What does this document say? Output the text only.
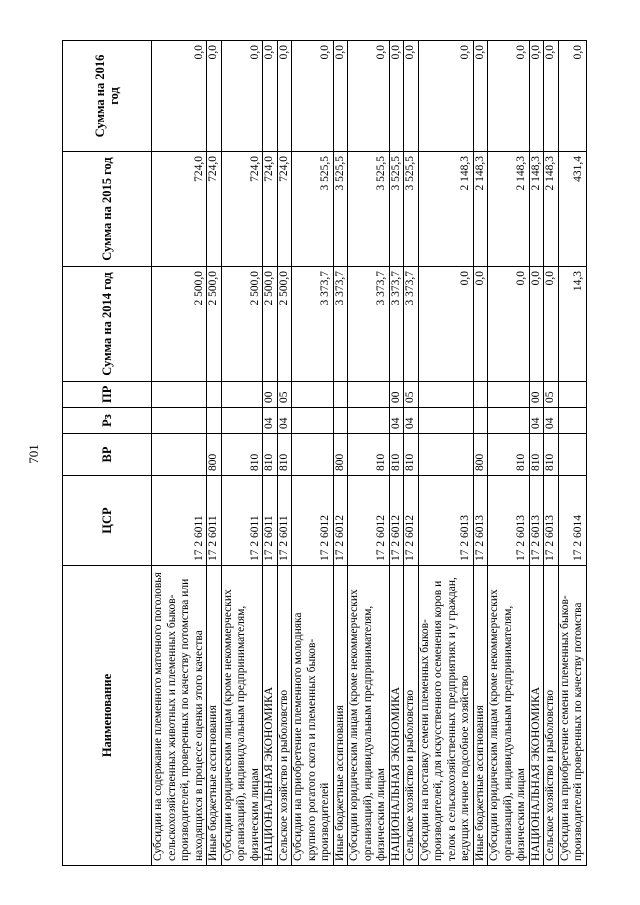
701
Наименование	ЦСР	ВР	Рз	ПР	Сумма на 2014 год	Сумма на 2015 год	Сумма на 2016 год
Субсидии на содержание племенного маточного поголовья сельскохозяйственных животных и племенных быков-производителей, проверенных по качеству потомства или находящихся в процессе оценки этого качества	17 2 6011				2 500,0	724,0	0,0
Иные бюджетные ассигнования	17 2 6011	800			2 500,0	724,0	0,0
Субсидии юридическим лицам (кроме некоммерческих организаций), индивидуальным предпринимателям, физическим лицам	17 2 6011	810			2 500,0	724,0	0,0
НАЦИОНАЛЬНАЯ ЭКОНОМИКА	17 2 6011	810	04	00	2 500,0	724,0	0,0
Сельское хозяйство и рыболовство	17 2 6011	810	04	05	2 500,0	724,0	0,0
Субсидии на приобретение племенного молодняка крупного рогатого скота и племенных быков-производителей	17 2 6012				3 373,7	3 525,5	0,0
Иные бюджетные ассигнования	17 2 6012	800			3 373,7	3 525,5	0,0
Субсидии юридическим лицам (кроме некоммерческих организаций), индивидуальным предпринимателям, физическим лицам	17 2 6012	810			3 373,7	3 525,5	0,0
НАЦИОНАЛЬНАЯ ЭКОНОМИКА	17 2 6012	810	04	00	3 373,7	3 525,5	0,0
Сельское хозяйство и рыболовство	17 2 6012	810	04	05	3 373,7	3 525,5	0,0
Субсидии на поставку семени племенных быков-производителей, для искусственного осеменения коров и телок в сельскохозяйственных предприятиях и у граждан, ведущих личное подсобное хозяйство	17 2 6013				0,0	2 148,3	0,0
Иные бюджетные ассигнования	17 2 6013	800			0,0	2 148,3	0,0
Субсидии юридическим лицам (кроме некоммерческих организаций), индивидуальным предпринимателям, физическим лицам	17 2 6013	810			0,0	2 148,3	0,0
НАЦИОНАЛЬНАЯ ЭКОНОМИКА	17 2 6013	810	04	00	0,0	2 148,3	0,0
Сельское хозяйство и рыболовство	17 2 6013	810	04	05	0,0	2 148,3	0,0
Субсидии на приобретение семени племенных быков-производителей проверенных по качеству потомства	17 2 6014				14,3	431,4	0,0
